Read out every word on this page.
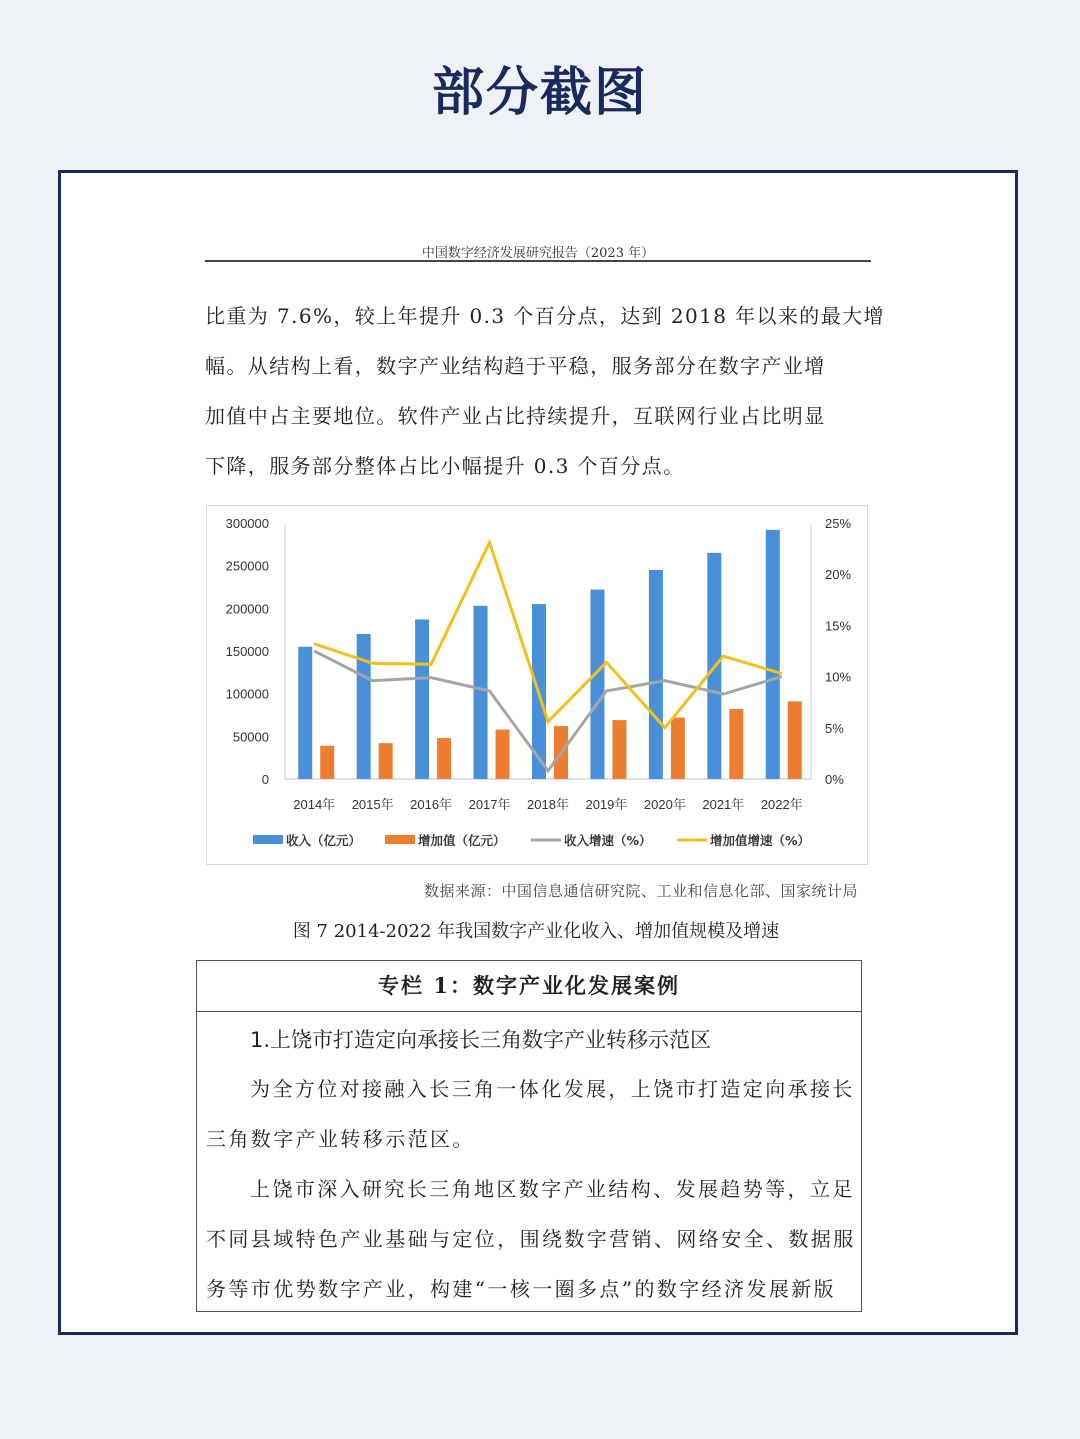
部分截图
中国数字经济发展研究报告（2023 年）
比重为 7.6%，较上年提升 0.3 个百分点，达到 2018 年以来的最大增
幅。从结构上看，数字产业结构趋于平稳，服务部分在数字产业增
加值中占主要地位。软件产业占比持续提升，互联网行业占比明显
下降，服务部分整体占比小幅提升 0.3 个百分点。
0
50000
100000
150000
200000
250000
300000
0%
5%
10%
15%
20%
25%
2014年 2015年 2016年 2017年 2018年 2019年 2020年 2021年 2022年
收入（亿元）	增加值（亿元）	收入增速（%）	增加值增速（%）
数据来源：中国信息通信研究院、工业和信息化部、国家统计局
图 7 2014-2022 年我国数字产业化收入、增加值规模及增速
专栏 1：数字产业化发展案例
1.上饶市打造定向承接长三角数字产业转移示范区
为全方位对接融入长三角一体化发展，上饶市打造定向承接长
三角数字产业转移示范区。
上饶市深入研究长三角地区数字产业结构、发展趋势等，立足
不同县域特色产业基础与定位，围绕数字营销、网络安全、数据服
务等市优势数字产业，构建“一核一圈多点”的数字经济发展新版
